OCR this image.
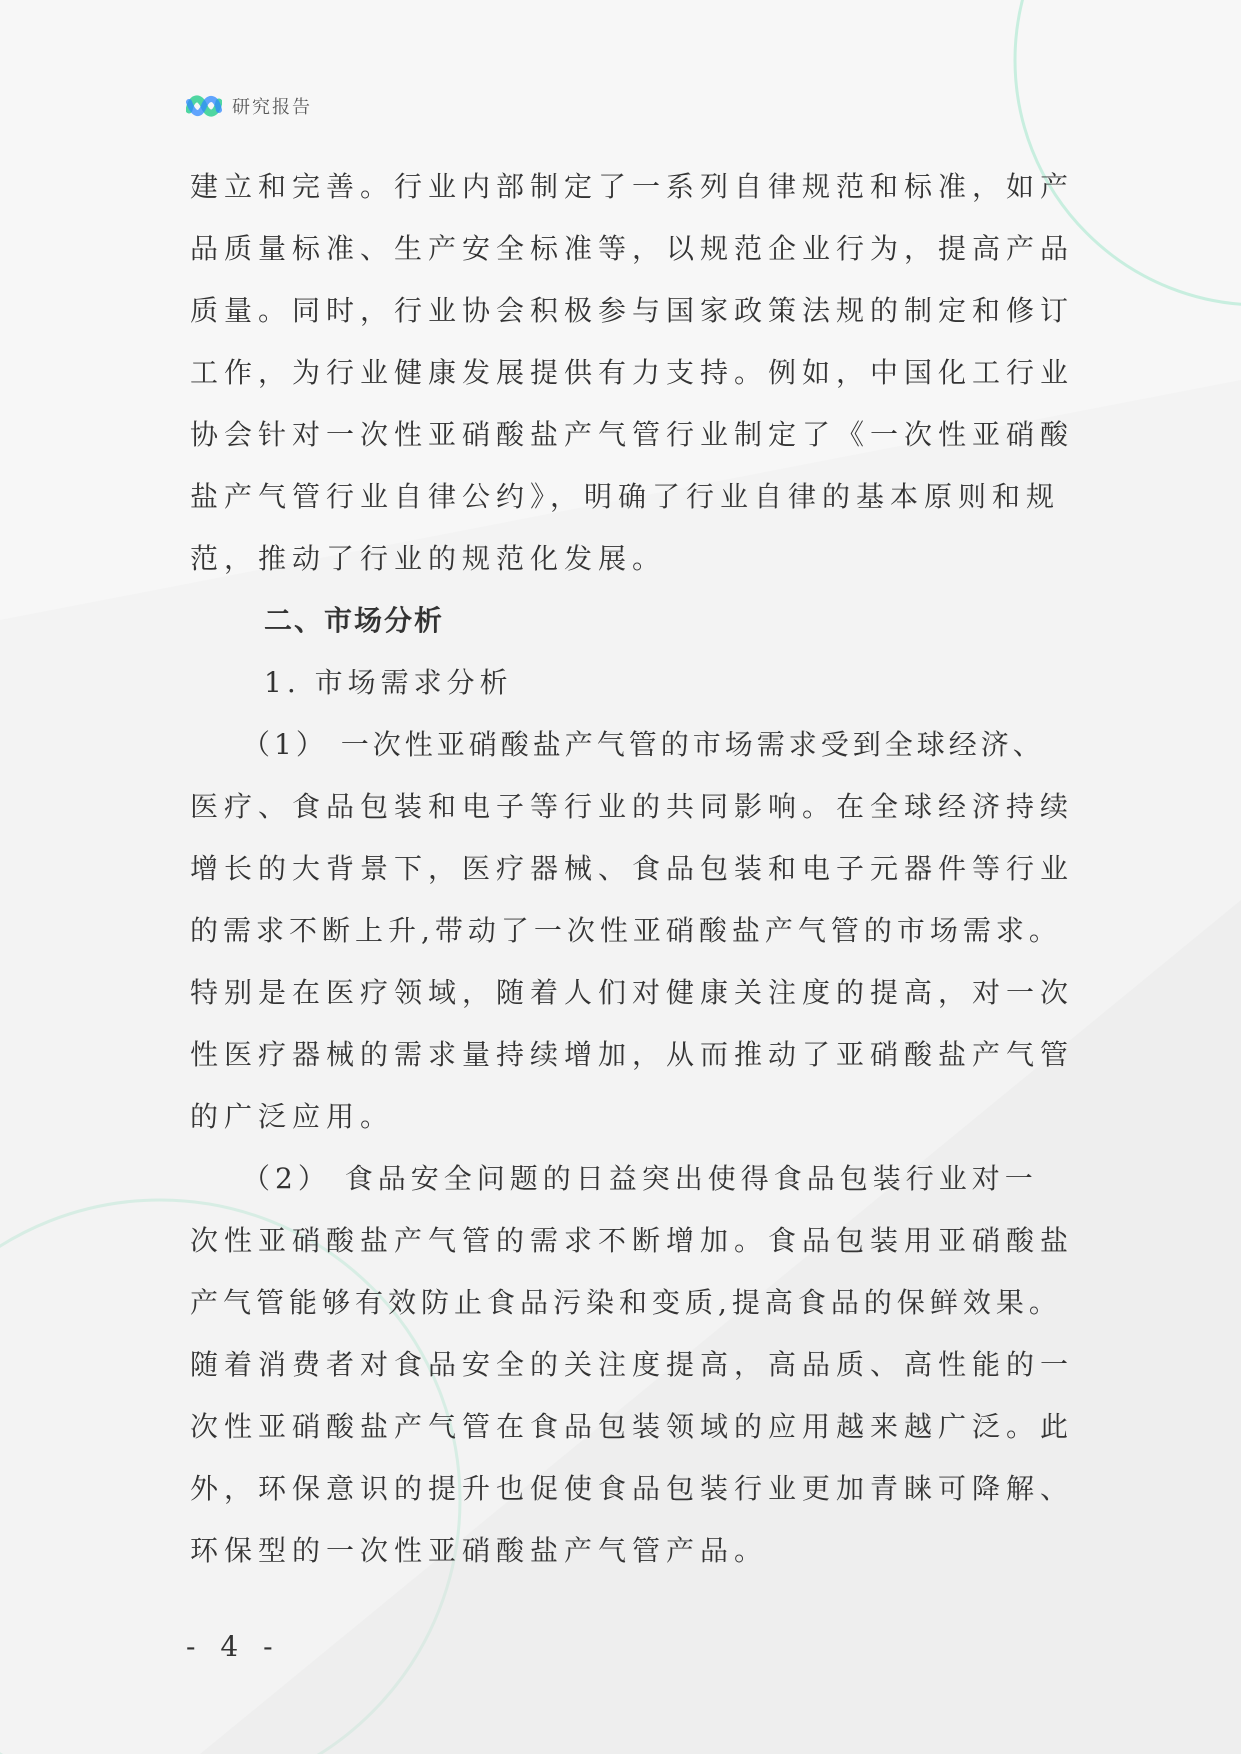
研究报告
建立和完善。行业内部制定了一系列自律规范和标准，如产
品质量标准、生产安全标准等，以规范企业行为，提高产品
质量。同时，行业协会积极参与国家政策法规的制定和修订
工作，为行业健康发展提供有力支持。例如，中国化工行业
协会针对一次性亚硝酸盐产气管行业制定了《一次性亚硝酸
盐产气管行业自律公约》，明确了行业自律的基本原则和规
范，推动了行业的规范化发展。
二、市场分析
1. 市场需求分析
（1） 一次性亚硝酸盐产气管的市场需求受到全球经济、
医疗、食品包装和电子等行业的共同影响。在全球经济持续
增长的大背景下，医疗器械、食品包装和电子元器件等行业
的需求不断上升,带动了一次性亚硝酸盐产气管的市场需求。
特别是在医疗领域，随着人们对健康关注度的提高，对一次
性医疗器械的需求量持续增加，从而推动了亚硝酸盐产气管
的广泛应用。
（2） 食品安全问题的日益突出使得食品包装行业对一
次性亚硝酸盐产气管的需求不断增加。食品包装用亚硝酸盐
产气管能够有效防止食品污染和变质,提高食品的保鲜效果。
随着消费者对食品安全的关注度提高，高品质、高性能的一
次性亚硝酸盐产气管在食品包装领域的应用越来越广泛。此
外，环保意识的提升也促使食品包装行业更加青睐可降解、
环保型的一次性亚硝酸盐产气管产品。
- 4 -
